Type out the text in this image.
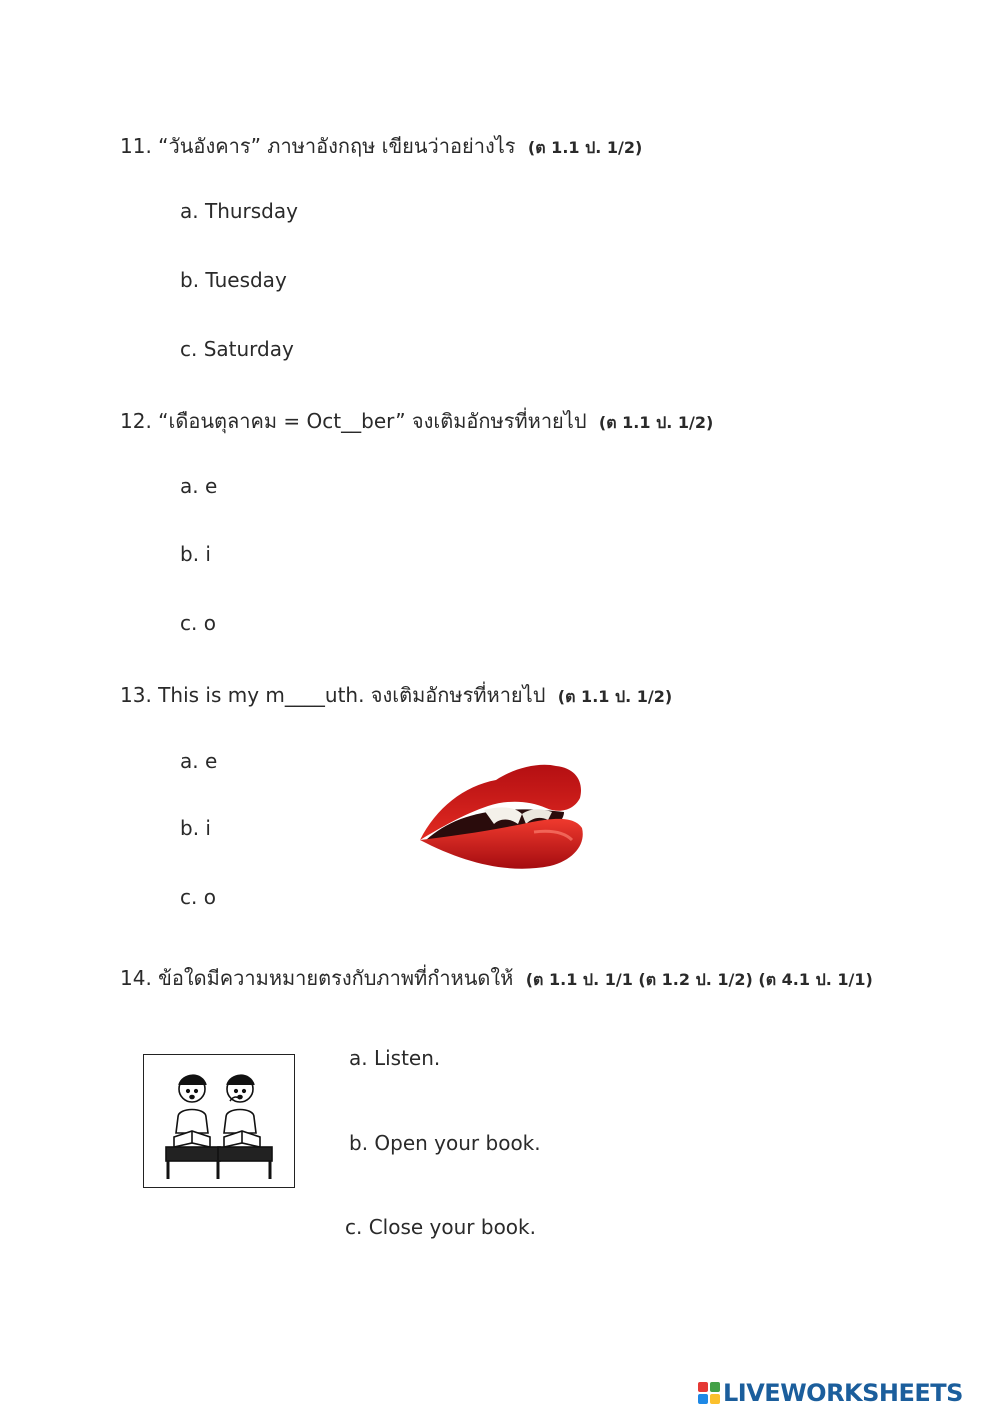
11. “วันอังคาร” ภาษาอังกฤษ เขียนว่าอย่างไร (ต 1.1 ป. 1/2)
a. Thursday
b. Tuesday
c. Saturday
12. “เดือนตุลาคม = Oct__ber” จงเติมอักษรที่หายไป (ต 1.1 ป. 1/2)
a. e
b. i
c. o
13. This is my m____uth. จงเติมอักษรที่หายไป (ต 1.1 ป. 1/2)
a. e
b. i
c. o
14. ข้อใดมีความหมายตรงกับภาพที่กำหนดให้ (ต 1.1 ป. 1/1 (ต 1.2 ป. 1/2) (ต 4.1 ป. 1/1)
a. Listen.
b. Open your book.
c. Close your book.
LIVEWORKSHEETS
